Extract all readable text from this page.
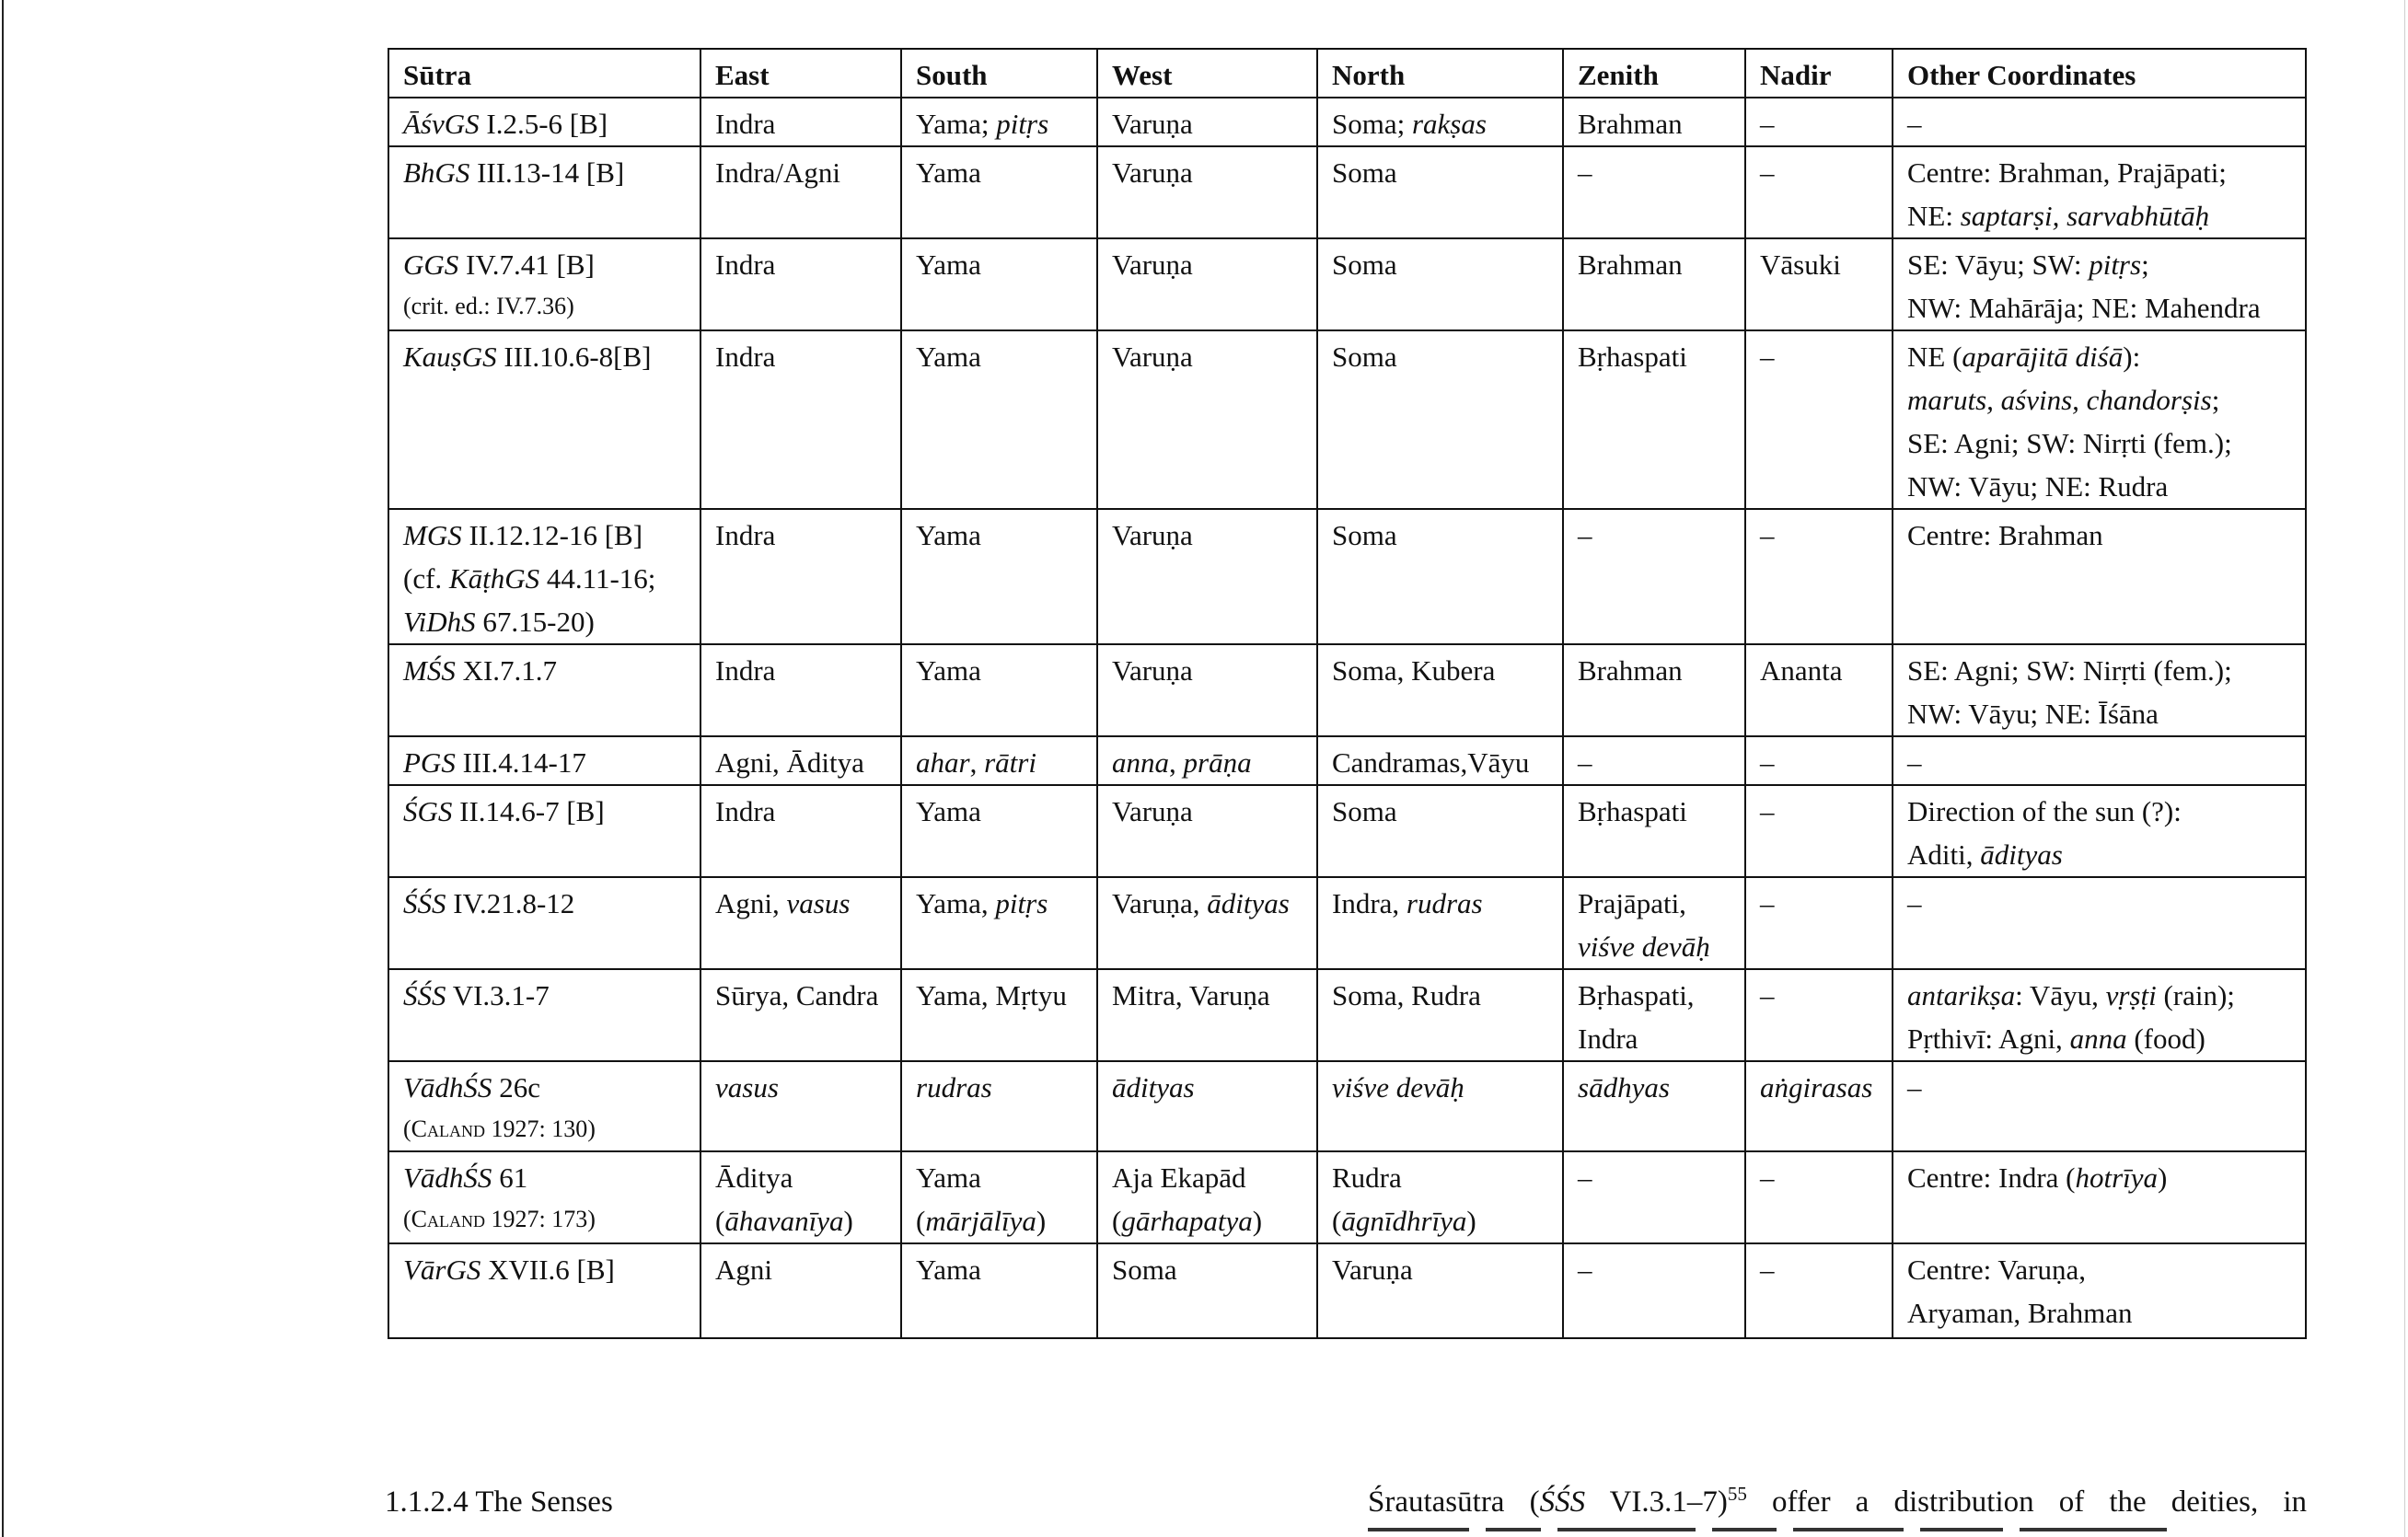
Sūtra	East	South	West	North	Zenith	Nadir	Other Coordinates

ĀśvGS I.2.5-6 [B]	Indra	Yama; pitṛs	Varuṇa	Soma; rakṣas	Brahman	–	–

BhGS III.13-14 [B]	Indra/Agni	Yama	Varuṇa	Soma	–	–	Centre: Brahman, Prajāpati;
NE: saptarṣi, sarvabhūtāḥ

GGS IV.7.41 [B]
(crit. ed.: IV.7.36)	Indra	Yama	Varuṇa	Soma	Brahman	Vāsuki	SE: Vāyu; SW: pitṛs;
NW: Mahārāja; NE: Mahendra

KauṣGS III.10.6-8[B]	Indra	Yama	Varuṇa	Soma	Bṛhaspati	–	NE (aparājitā diśā):
maruts, aśvins, chandorṣis;
SE: Agni; SW: Nirṛti (fem.);
NW: Vāyu; NE: Rudra

MGS II.12.12-16 [B]
(cf. KāṭhGS 44.11-16;
ViDhS 67.15-20)	Indra	Yama	Varuṇa	Soma	–	–	Centre: Brahman

MŚS XI.7.1.7	Indra	Yama	Varuṇa	Soma, Kubera	Brahman	Ananta	SE: Agni; SW: Nirṛti (fem.);
NW: Vāyu; NE: Īśāna

PGS III.4.14-17	Agni, Āditya	ahar, rātri	anna, prāṇa	Candramas,Vāyu	–	–	–

ŚGS II.14.6-7 [B]	Indra	Yama	Varuṇa	Soma	Bṛhaspati	–	Direction of the sun (?):
Aditi, ādityas

ŚŚS IV.21.8-12	Agni, vasus	Yama, pitṛs	Varuṇa, ādityas	Indra, rudras	Prajāpati,
viśve devāḥ	–	–

ŚŚS VI.3.1-7	Sūrya, Candra	Yama, Mṛtyu	Mitra, Varuṇa	Soma, Rudra	Bṛhaspati,
Indra	–	antarikṣa: Vāyu, vṛṣṭi (rain);
Pṛthivī: Agni, anna (food)

VādhŚS 26c
(Caland 1927: 130)	vasus	rudras	ādityas	viśve devāḥ	sādhyas	aṅgirasas	–

VādhŚS 61
(Caland 1927: 173)	Āditya
(āhavanīya)	Yama
(mārjālīya)	Aja Ekapād
(gārhapatya)	Rudra
(āgnīdhrīya)	–	–	Centre: Indra (hotrīya)

VārGS XVII.6 [B]	Agni	Yama	Soma	Varuṇa	–	–	Centre: Varuṇa,
Aryaman, Brahman
1.1.2.4 The Senses	Śrautasūtra (ŚŚS VI.3.1–7)$^{55}$ offer a distribution of the deities, in
